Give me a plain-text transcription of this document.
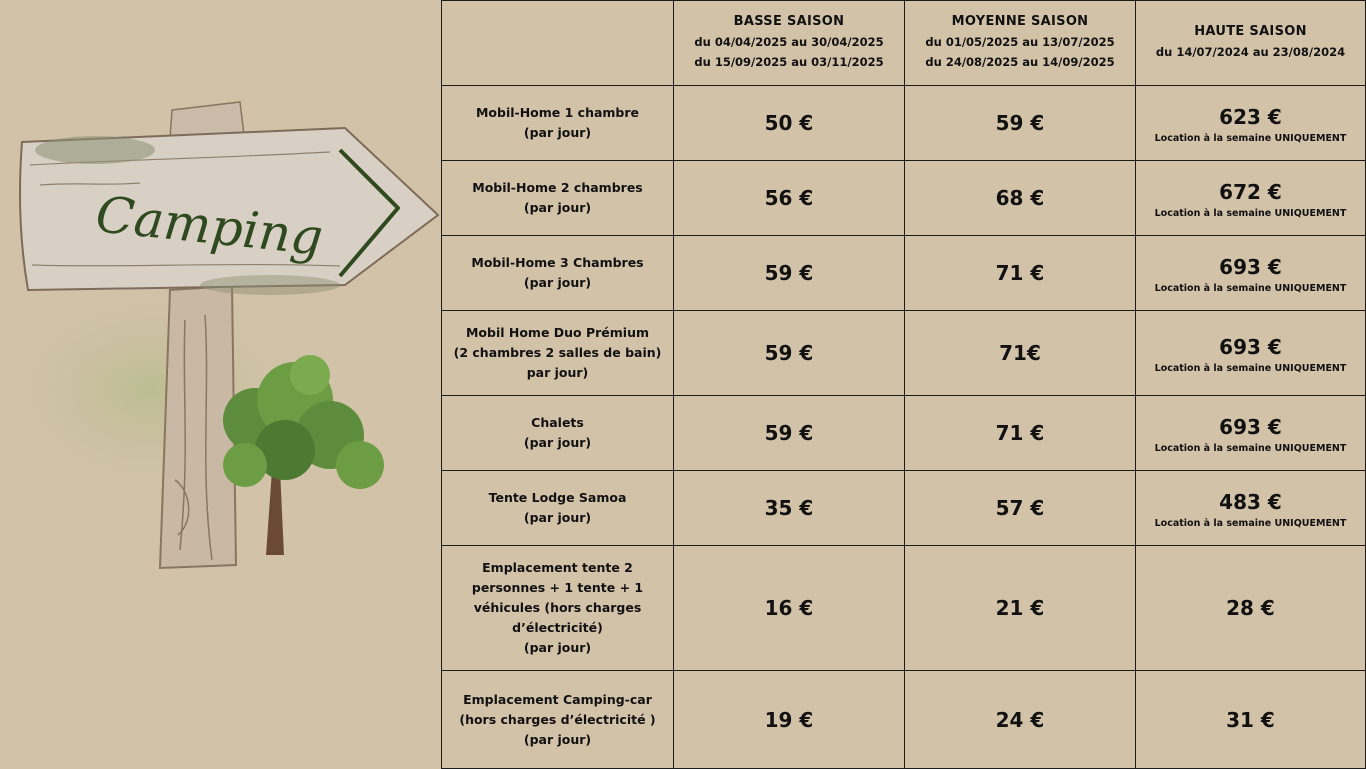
Camping

	BASSE SAISON
du 04/04/2025 au 30/04/2025
du 15/09/2025 au 03/11/2025	MOYENNE SAISON
du 01/05/2025 au 13/07/2025
du 24/08/2025 au 14/09/2025	HAUTE SAISON
du 14/07/2024 au 23/08/2024

Mobil-Home 1 chambre
(par jour)	50 €	59 €	623 €
Location à la semaine UNIQUEMENT

Mobil-Home 2 chambres
(par jour)	56 €	68 €	672 €
Location à la semaine UNIQUEMENT

Mobil-Home 3 Chambres
(par jour)	59 €	71 €	693 €
Location à la semaine UNIQUEMENT

Mobil Home Duo Prémium
(2 chambres 2 salles de bain)
par jour)	59 €	71€	693 €
Location à la semaine UNIQUEMENT

Chalets
(par jour)	59 €	71 €	693 €
Location à la semaine UNIQUEMENT

Tente Lodge Samoa
(par jour)	35 €	57 €	483 €
Location à la semaine UNIQUEMENT

Emplacement tente 2
personnes + 1 tente + 1
véhicules (hors charges
d’électricité)
(par jour)	16 €	21 €	28 €

Emplacement Camping-car
(hors charges d’électricité )
(par jour)	19 €	24 €	31 €
